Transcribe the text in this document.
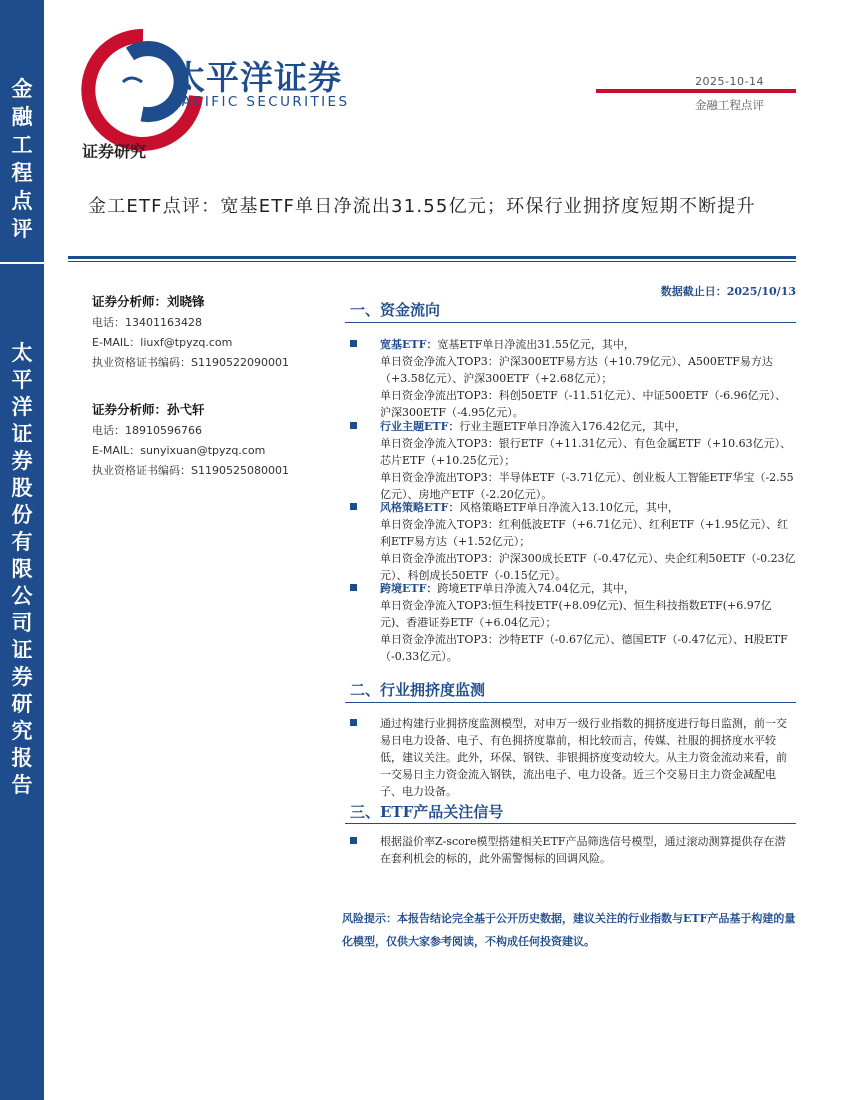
金
融
工
程
点
评
太
平
洋
证
券
股
份
有
限
公
司
证
券
研
究
报
告
太平洋证券
PACIFIC SECURITIES
证券研究
2025-10-14
金融工程点评
金工ETF点评：宽基ETF单日净流出31.55亿元；环保行业拥挤度短期不断提升
证券分析师：刘晓锋
电话：13401163428
E-MAIL：liuxf@tpyzq.com
执业资格证书编码：S1190522090001
证券分析师：孙弋轩
电话：18910596766
E-MAIL：sunyixuan@tpyzq.com
执业资格证书编码：S1190525080001
数据截止日：2025/10/13
一、资金流向
宽基ETF：宽基ETF单日净流出31.55亿元，其中，
单日资金净流入TOP3：沪深300ETF易方达（+10.79亿元）、A500ETF易方达（+3.58亿元）、沪深300ETF（+2.68亿元）；
单日资金净流出TOP3：科创50ETF（-11.51亿元）、中证500ETF（-6.96亿元）、沪深300ETF（-4.95亿元）。
行业主题ETF：行业主题ETF单日净流入176.42亿元，其中，
单日资金净流入TOP3：银行ETF（+11.31亿元）、有色金属ETF（+10.63亿元）、芯片ETF（+10.25亿元）；
单日资金净流出TOP3：半导体ETF（-3.71亿元）、创业板人工智能ETF华宝（-2.55亿元）、房地产ETF（-2.20亿元）。
风格策略ETF：风格策略ETF单日净流入13.10亿元，其中，
单日资金净流入TOP3：红利低波ETF（+6.71亿元）、红利ETF（+1.95亿元）、红利ETF易方达（+1.52亿元）；
单日资金净流出TOP3：沪深300成长ETF（-0.47亿元）、央企红利50ETF（-0.23亿元）、科创成长50ETF（-0.15亿元）。
跨境ETF：跨境ETF单日净流入74.04亿元，其中，
单日资金净流入TOP3:恒生科技ETF(+8.09亿元)、恒生科技指数ETF(+6.97亿元)、香港证券ETF（+6.04亿元）；
单日资金净流出TOP3：沙特ETF（-0.67亿元）、德国ETF（-0.47亿元）、H股ETF（-0.33亿元）。
二、行业拥挤度监测
通过构建行业拥挤度监测模型，对申万一级行业指数的拥挤度进行每日监测，前一交易日电力设备、电子、有色拥挤度靠前，相比较而言，传媒、社服的拥挤度水平较低，建议关注。此外，环保、钢铁、非银拥挤度变动较大。从主力资金流动来看，前一交易日主力资金流入钢铁，流出电子、电力设备。近三个交易日主力资金减配电子、电力设备。
三、ETF产品关注信号
根据溢价率Z-score模型搭建相关ETF产品筛选信号模型，通过滚动测算提供存在潜在套利机会的标的，此外需警惕标的回调风险。
风险提示：本报告结论完全基于公开历史数据，建议关注的行业指数与ETF产品基于构建的量化模型，仅供大家参考阅读，不构成任何投资建议。
